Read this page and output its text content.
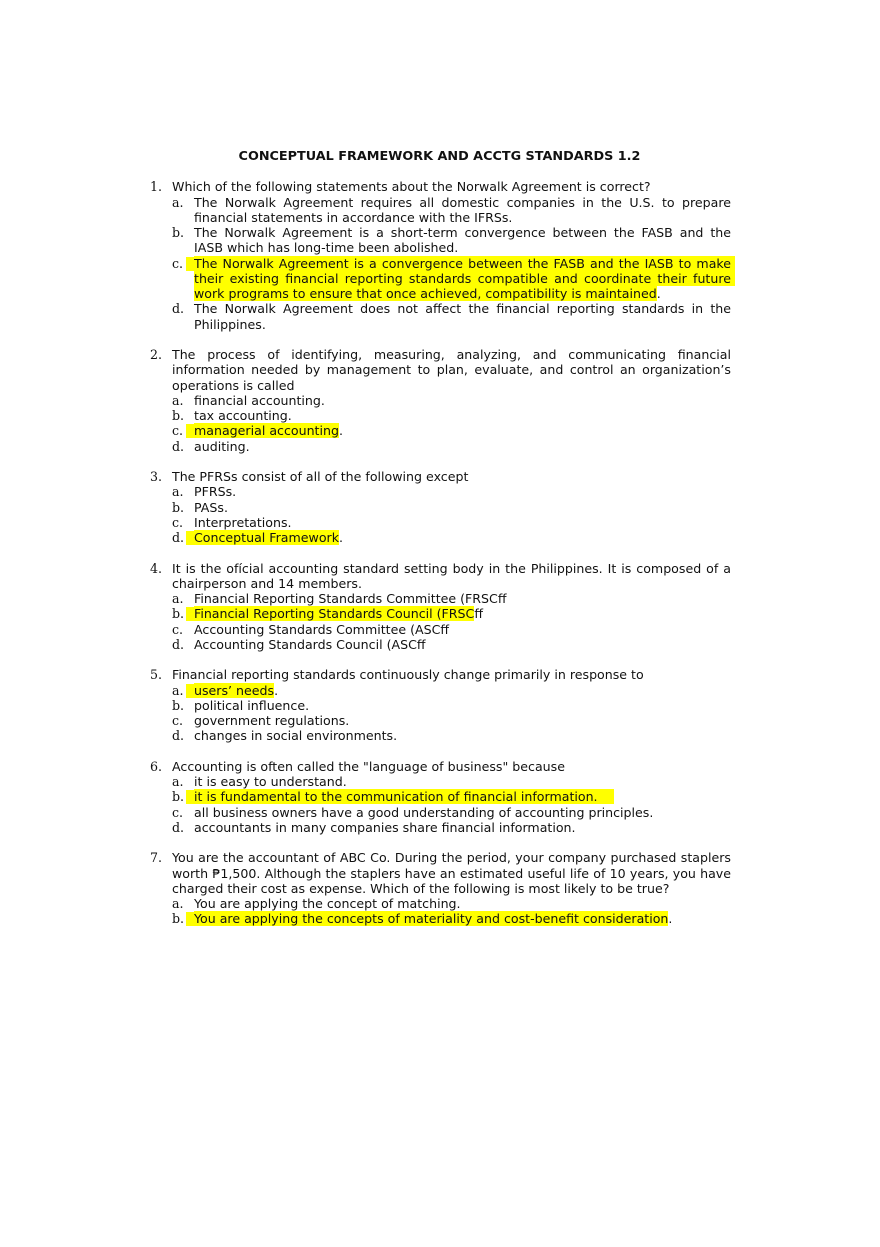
CONCEPTUAL FRAMEWORK AND ACCTG STANDARDS 1.2
1. Which of the following statements about the Norwalk Agreement is correct?
a. The Norwalk Agreement requires all domestic companies in the U.S. to prepare financial statements in accordance with the IFRSs.
b. The Norwalk Agreement is a short-term convergence between the FASB and the IASB which has long-time been abolished.
c. The Norwalk Agreement is a convergence between the FASB and the IASB to make their existing financial reporting standards compatible and coordinate their future work programs to ensure that once achieved, compatibility is maintained.
d. The Norwalk Agreement does not affect the financial reporting standards in the Philippines.
2. The process of identifying, measuring, analyzing, and communicating financial information needed by management to plan, evaluate, and control an organization’s operations is called
a. financial accounting.
b. tax accounting.
c. managerial accounting.
d. auditing.
3. The PFRSs consist of all of the following except
a. PFRSs.
b. PASs.
c. Interpretations.
d. Conceptual Framework.
4. It is the ofícial accounting standard setting body in the Philippines. It is composed of a chairperson and 14 members.
a. Financial Reporting Standards Committee (FRSCff
b. Financial Reporting Standards Council (FRSCff
c. Accounting Standards Committee (ASCff
d. Accounting Standards Council (ASCff
5. Financial reporting standards continuously change primarily in response to
a. users’ needs.
b. political influence.
c. government regulations.
d. changes in social environments.
6. Accounting is often called the "language of business" because
a. it is easy to understand.
b. it is fundamental to the communication of financial information.
c. all business owners have a good understanding of accounting principles.
d. accountants in many companies share financial information.
7. You are the accountant of ABC Co. During the period, your company purchased staplers worth ₱1,500. Although the staplers have an estimated useful life of 10 years, you have charged their cost as expense. Which of the following is most likely to be true?
a. You are applying the concept of matching.
b. You are applying the concepts of materiality and cost-benefit consideration.
